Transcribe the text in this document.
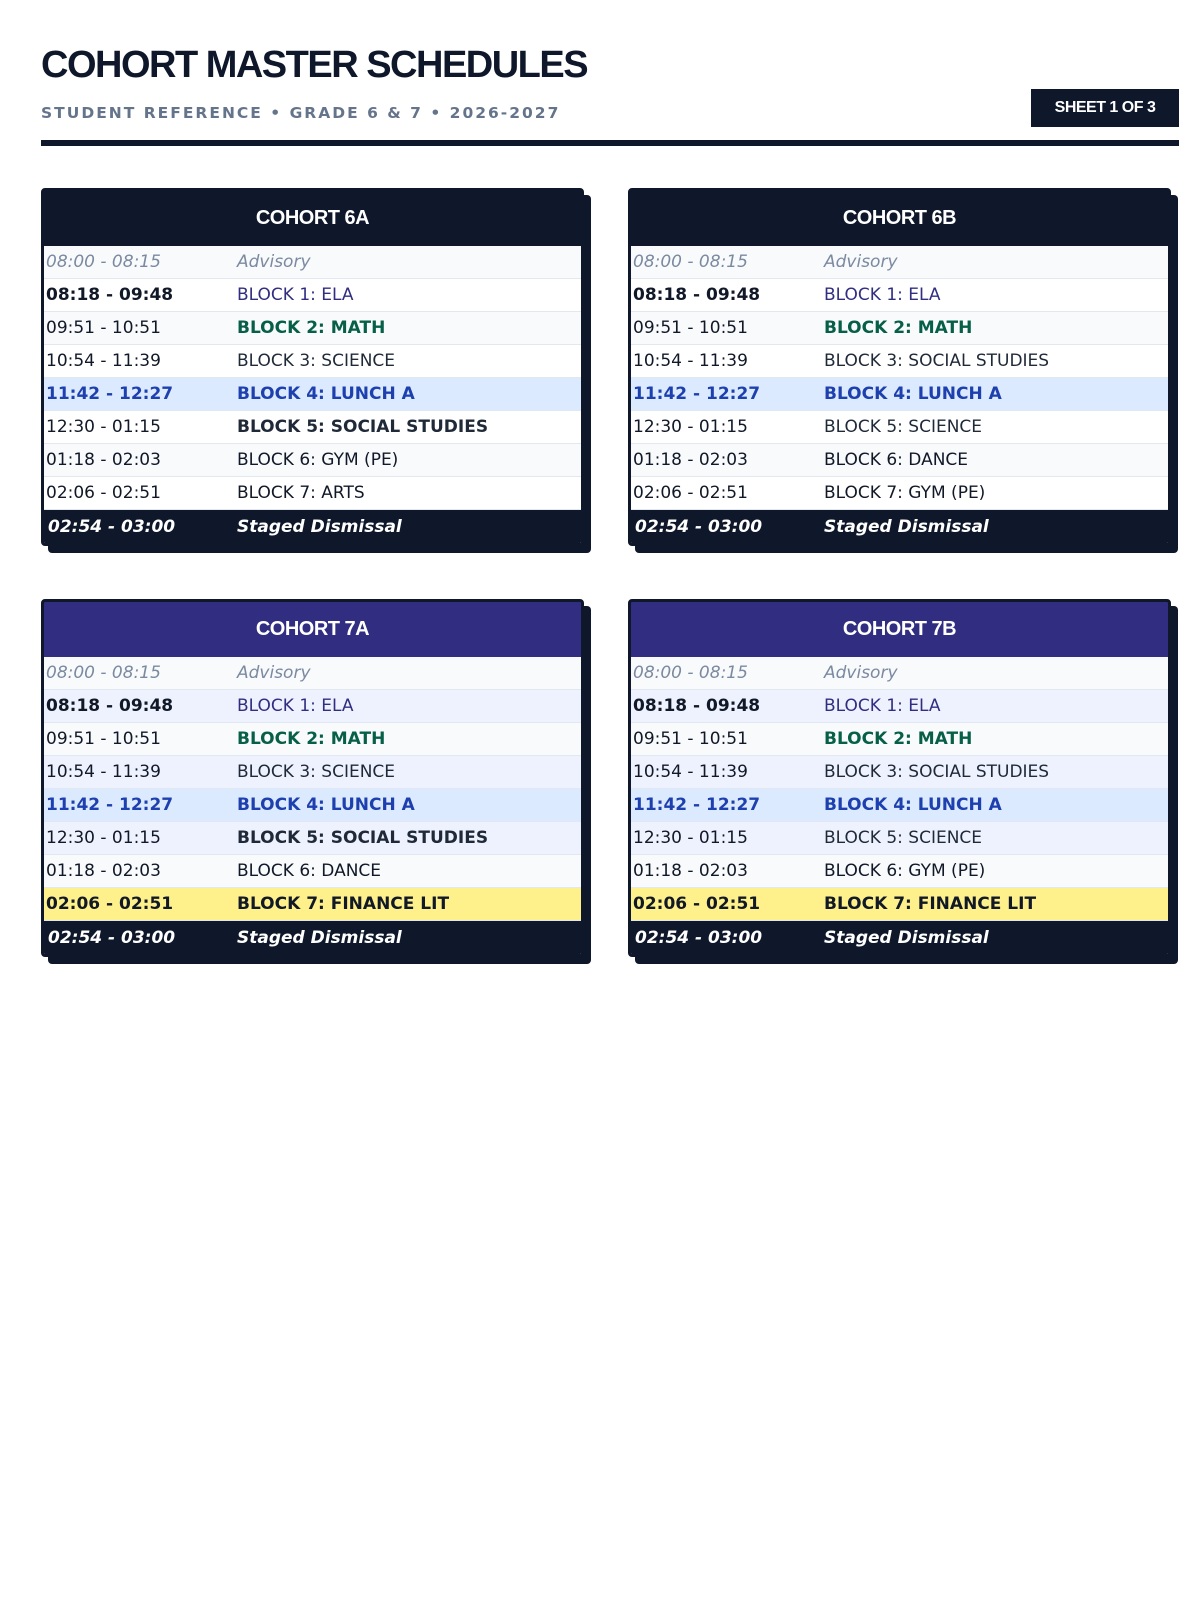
COHORT MASTER SCHEDULES
STUDENT REFERENCE • GRADE 6 & 7 • 2026-2027	SHEET 1 OF 3
COHORT 6A
08:00 - 08:15	Advisory
08:18 - 09:48	BLOCK 1: ELA
09:51 - 10:51	BLOCK 2: MATH
10:54 - 11:39	BLOCK 3: SCIENCE
11:42 - 12:27	BLOCK 4: LUNCH A
12:30 - 01:15	BLOCK 5: SOCIAL STUDIES
01:18 - 02:03	BLOCK 6: GYM (PE)
02:06 - 02:51	BLOCK 7: ARTS
02:54 - 03:00	Staged Dismissal
COHORT 6B
08:00 - 08:15	Advisory
08:18 - 09:48	BLOCK 1: ELA
09:51 - 10:51	BLOCK 2: MATH
10:54 - 11:39	BLOCK 3: SOCIAL STUDIES
11:42 - 12:27	BLOCK 4: LUNCH A
12:30 - 01:15	BLOCK 5: SCIENCE
01:18 - 02:03	BLOCK 6: DANCE
02:06 - 02:51	BLOCK 7: GYM (PE)
02:54 - 03:00	Staged Dismissal
COHORT 7A
08:00 - 08:15	Advisory
08:18 - 09:48	BLOCK 1: ELA
09:51 - 10:51	BLOCK 2: MATH
10:54 - 11:39	BLOCK 3: SCIENCE
11:42 - 12:27	BLOCK 4: LUNCH A
12:30 - 01:15	BLOCK 5: SOCIAL STUDIES
01:18 - 02:03	BLOCK 6: DANCE
02:06 - 02:51	BLOCK 7: FINANCE LIT
02:54 - 03:00	Staged Dismissal
COHORT 7B
08:00 - 08:15	Advisory
08:18 - 09:48	BLOCK 1: ELA
09:51 - 10:51	BLOCK 2: MATH
10:54 - 11:39	BLOCK 3: SOCIAL STUDIES
11:42 - 12:27	BLOCK 4: LUNCH A
12:30 - 01:15	BLOCK 5: SCIENCE
01:18 - 02:03	BLOCK 6: GYM (PE)
02:06 - 02:51	BLOCK 7: FINANCE LIT
02:54 - 03:00	Staged Dismissal
